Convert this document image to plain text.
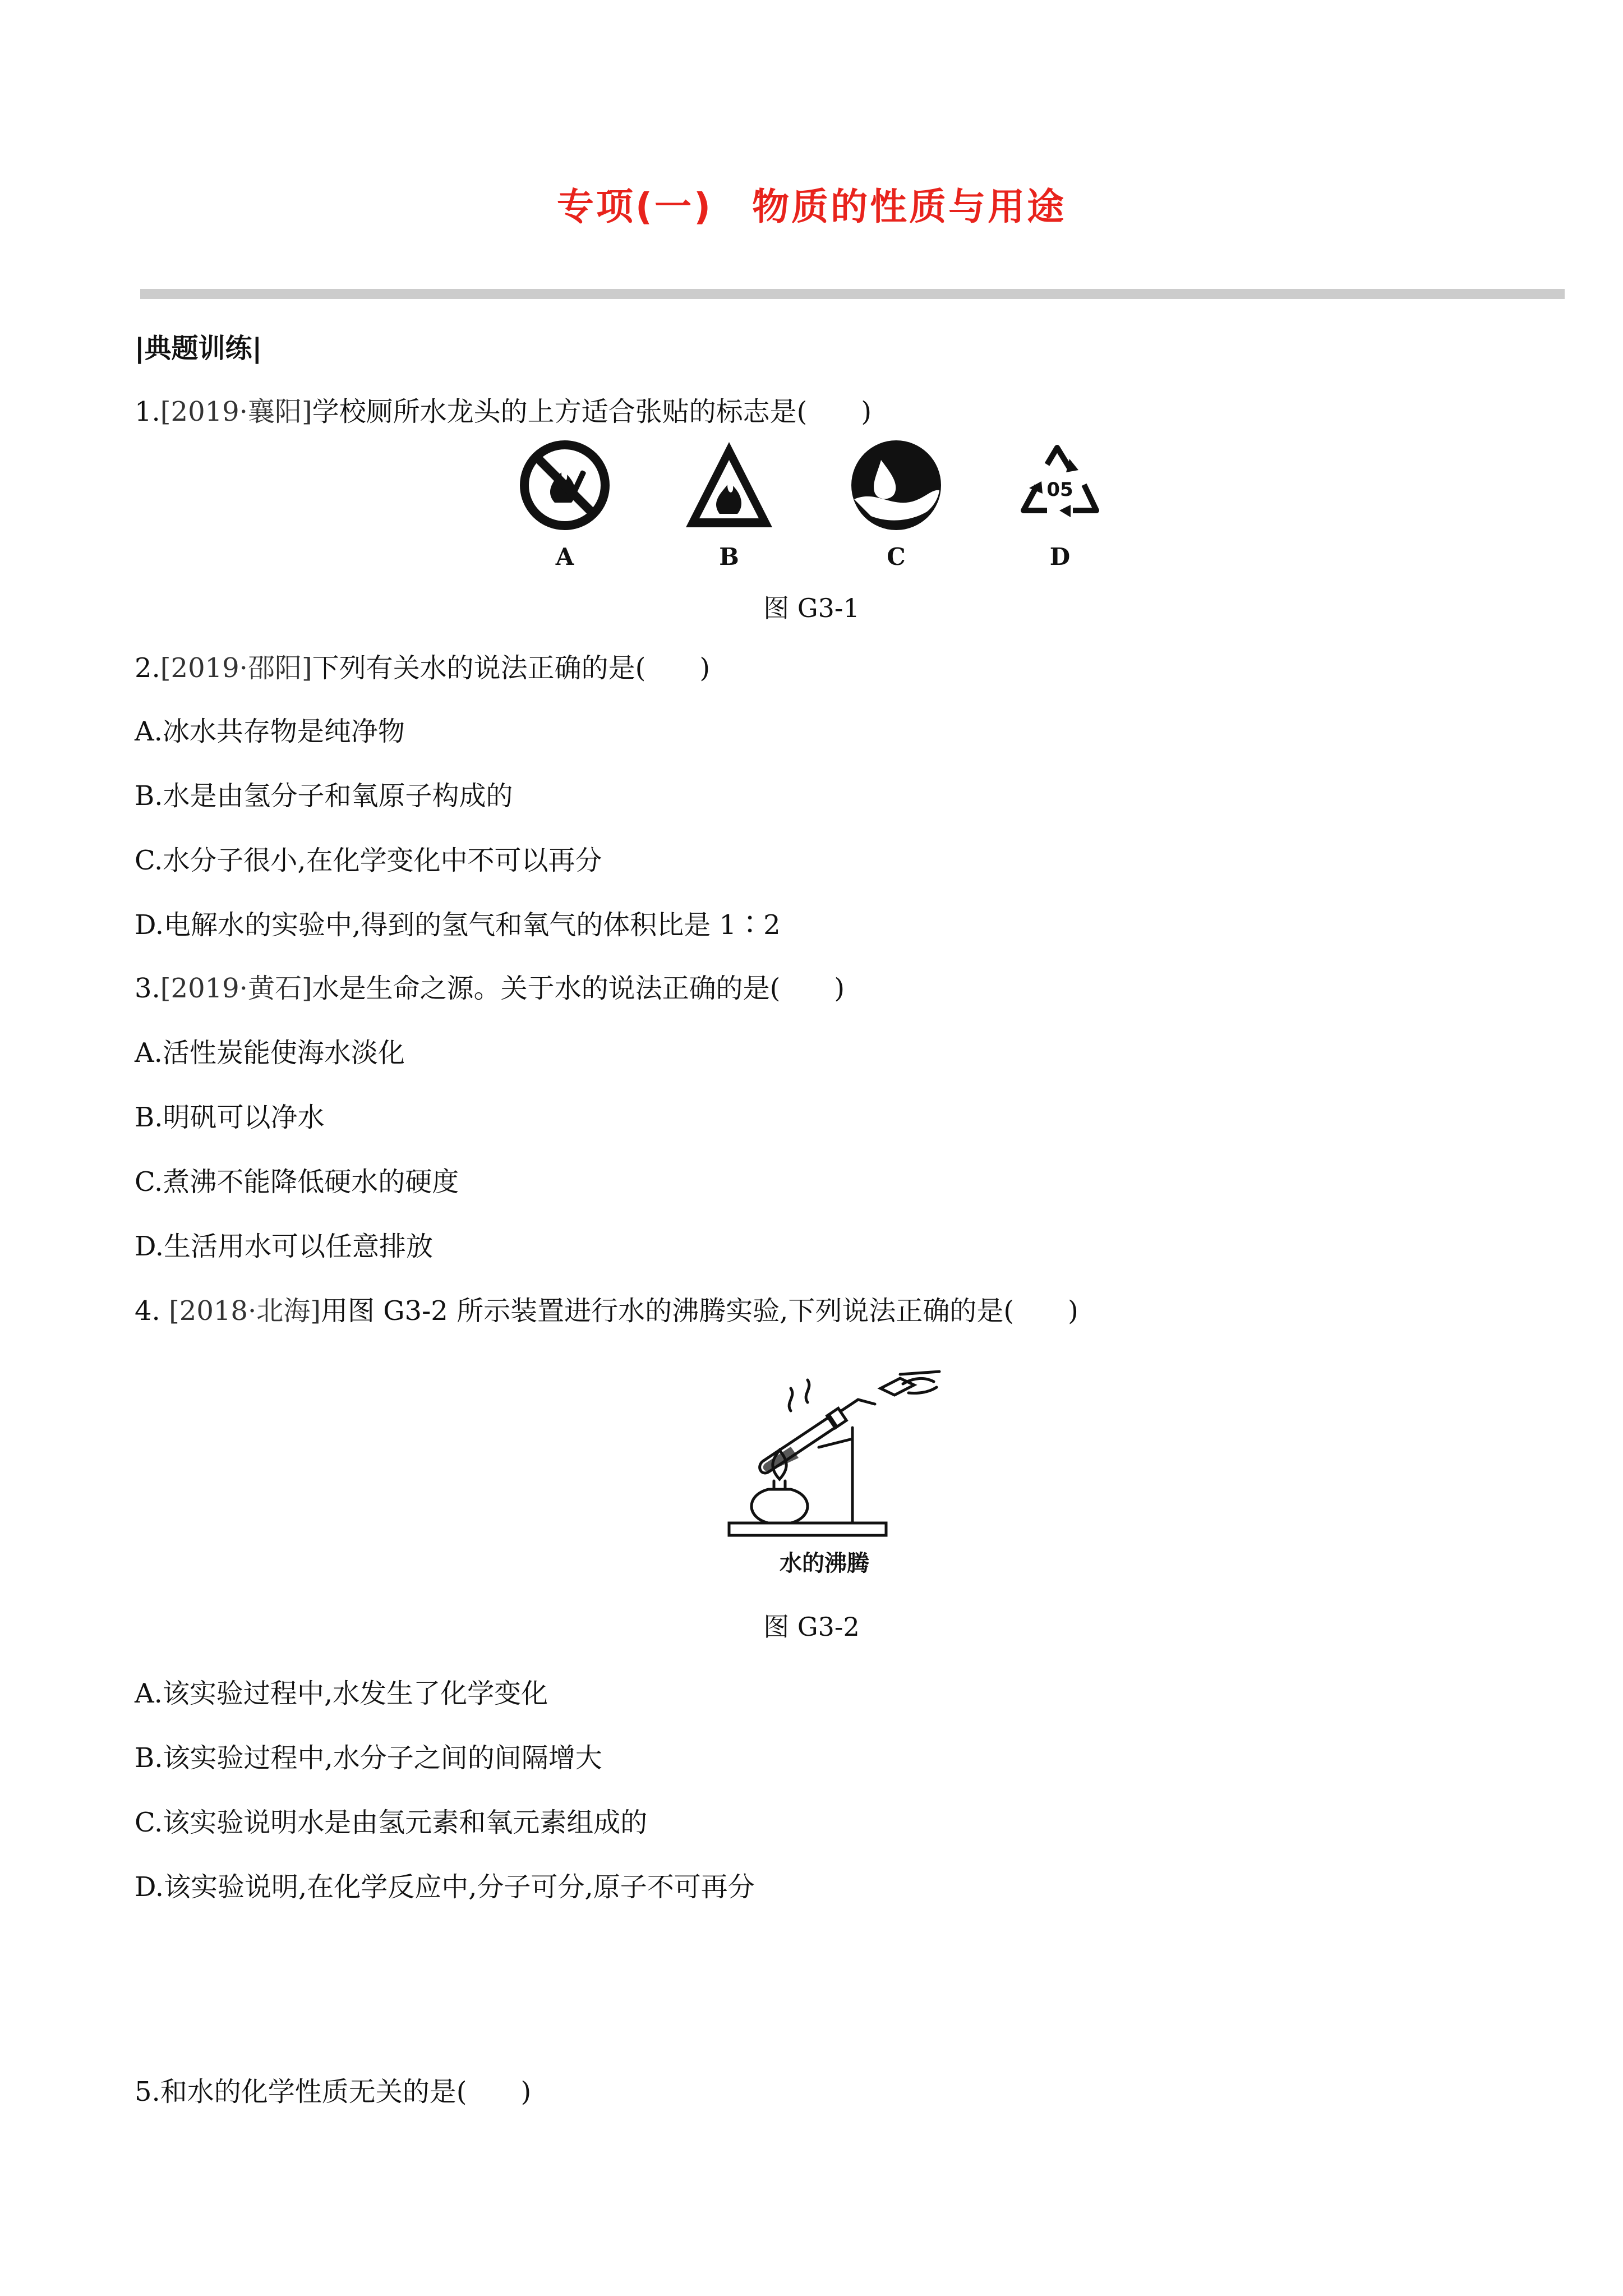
专项(一) 物质的性质与用途
|典题训练|
1.[2019·襄阳]学校厕所水龙头的上方适合张贴的标志是(　　)
05
A	B	C	D
图 G3-1
2.[2019·邵阳]下列有关水的说法正确的是(　　)
A.冰水共存物是纯净物
B.水是由氢分子和氧原子构成的
C.水分子很小,在化学变化中不可以再分
D.电解水的实验中,得到的氢气和氧气的体积比是 1∶2
3.[2019·黄石]水是生命之源。关于水的说法正确的是(　　)
A.活性炭能使海水淡化
B.明矾可以净水
C.煮沸不能降低硬水的硬度
D.生活用水可以任意排放
4. [2018·北海]用图 G3-2 所示装置进行水的沸腾实验,下列说法正确的是(　　)
水的沸腾
图 G3-2
A.该实验过程中,水发生了化学变化
B.该实验过程中,水分子之间的间隔增大
C.该实验说明水是由氢元素和氧元素组成的
D.该实验说明,在化学反应中,分子可分,原子不可再分
5.和水的化学性质无关的是(　　)
